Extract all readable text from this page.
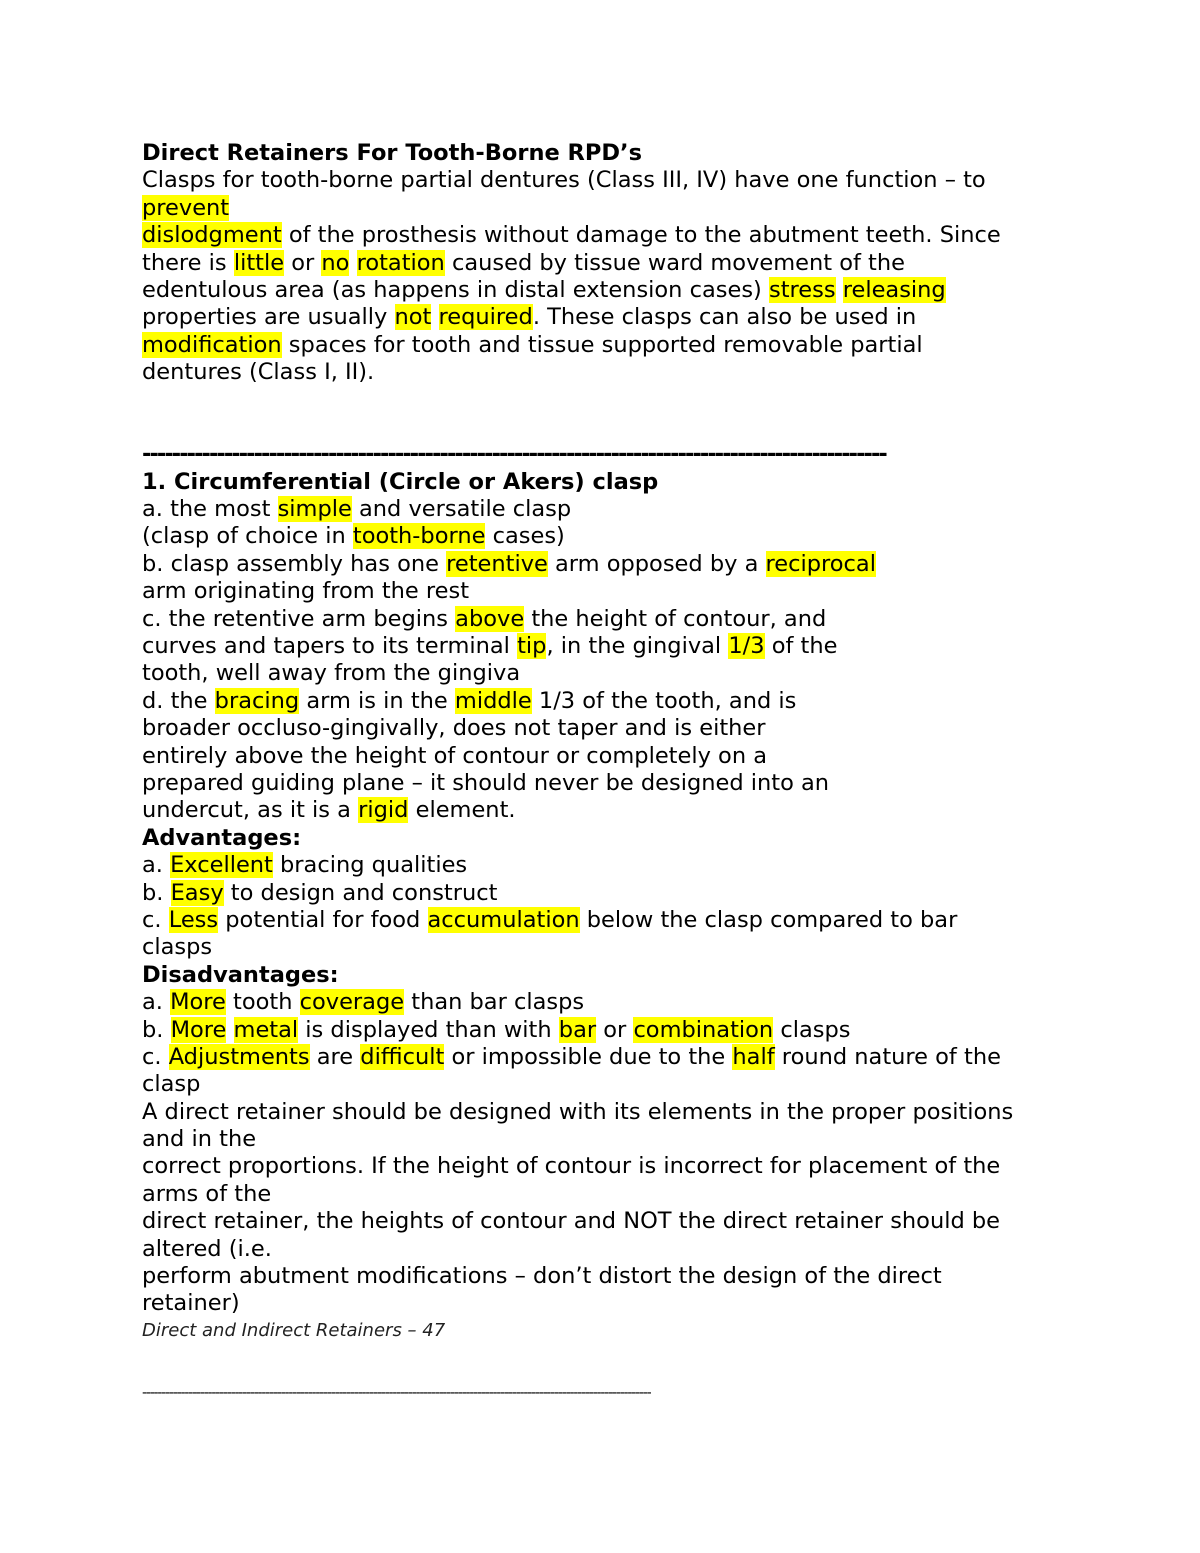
Direct Retainers For Tooth-Borne RPD’s
Clasps for tooth-borne partial dentures (Class III, IV) have one function – to
prevent
dislodgment of the prosthesis without damage to the abutment teeth. Since
there is little or no rotation caused by tissue ward movement of the
edentulous area (as happens in distal extension cases) stress releasing
properties are usually not required. These clasps can also be used in
modification spaces for tooth and tissue supported removable partial
dentures (Class I, II).
----------------------------------------------------------------------------------------------------
1. Circumferential (Circle or Akers) clasp
a. the most simple and versatile clasp
(clasp of choice in tooth-borne cases)
b. clasp assembly has one retentive arm opposed by a reciprocal
arm originating from the rest
c. the retentive arm begins above the height of contour, and
curves and tapers to its terminal tip, in the gingival 1/3 of the
tooth, well away from the gingiva
d. the bracing arm is in the middle 1/3 of the tooth, and is
broader occluso-gingivally, does not taper and is either
entirely above the height of contour or completely on a
prepared guiding plane – it should never be designed into an
undercut, as it is a rigid element.
Advantages:
a. Excellent bracing qualities
b. Easy to design and construct
c. Less potential for food accumulation below the clasp compared to bar
clasps
Disadvantages:
a. More tooth coverage than bar clasps
b. More metal is displayed than with bar or combination clasps
c. Adjustments are difficult or impossible due to the half round nature of the
clasp
A direct retainer should be designed with its elements in the proper positions
and in the
correct proportions. If the height of contour is incorrect for placement of the
arms of the
direct retainer, the heights of contour and NOT the direct retainer should be
altered (i.e.
perform abutment modifications – don’t distort the design of the direct
retainer)
Direct and Indirect Retainers – 47
------------------------------------------------------------------------------------------------------------------------------------
